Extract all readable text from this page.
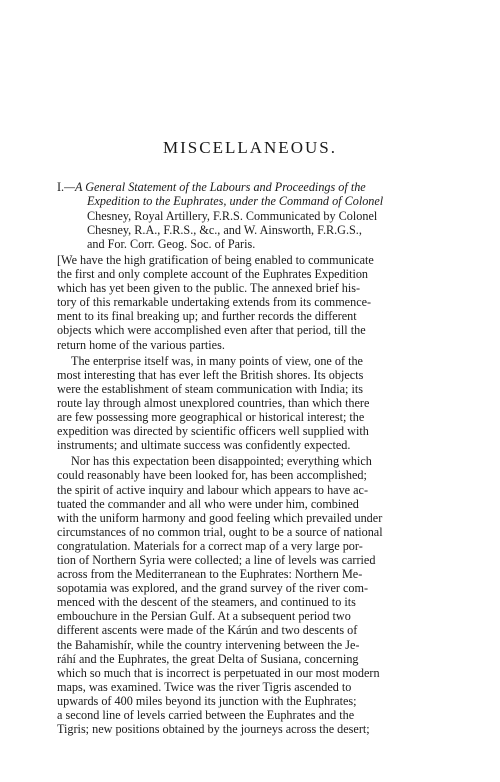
MISCELLANEOUS.
I.—A General Statement of the Labours and Proceedings of the
Expedition to the Euphrates, under the Command of Colonel
Chesney, Royal Artillery, F.R.S. Communicated by Colonel
Chesney, R.A., F.R.S., &c., and W. Ainsworth, F.R.G.S.,
and For. Corr. Geog. Soc. of Paris.
[We have the high gratification of being enabled to communicate
the first and only complete account of the Euphrates Expedition
which has yet been given to the public. The annexed brief his-
tory of this remarkable undertaking extends from its commence-
ment to its final breaking up; and further records the different
objects which were accomplished even after that period, till the
return home of the various parties.
The enterprise itself was, in many points of view, one of the
most interesting that has ever left the British shores. Its objects
were the establishment of steam communication with India; its
route lay through almost unexplored countries, than which there
are few possessing more geographical or historical interest; the
expedition was directed by scientific officers well supplied with
instruments; and ultimate success was confidently expected.
Nor has this expectation been disappointed; everything which
could reasonably have been looked for, has been accomplished;
the spirit of active inquiry and labour which appears to have ac-
tuated the commander and all who were under him, combined
with the uniform harmony and good feeling which prevailed under
circumstances of no common trial, ought to be a source of national
congratulation. Materials for a correct map of a very large por-
tion of Northern Syria were collected; a line of levels was carried
across from the Mediterranean to the Euphrates: Northern Me-
sopotamia was explored, and the grand survey of the river com-
menced with the descent of the steamers, and continued to its
embouchure in the Persian Gulf. At a subsequent period two
different ascents were made of the Kárún and two descents of
the Bahamishír, while the country intervening between the Je-
ráhí and the Euphrates, the great Delta of Susiana, concerning
which so much that is incorrect is perpetuated in our most modern
maps, was examined. Twice was the river Tigris ascended to
upwards of 400 miles beyond its junction with the Euphrates;
a second line of levels carried between the Euphrates and the
Tigris; new positions obtained by the journeys across the desert;
